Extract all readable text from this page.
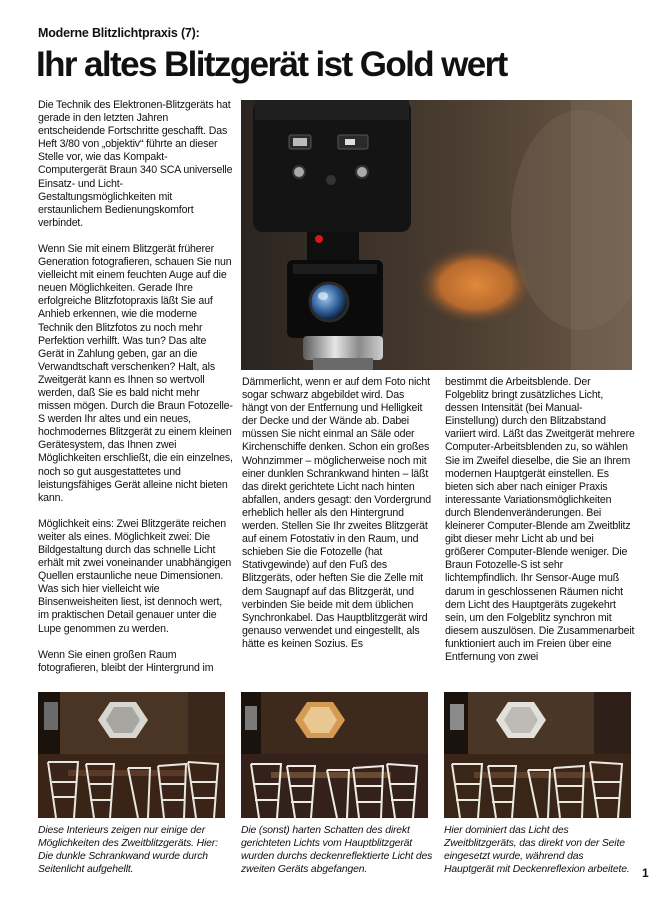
Moderne Blitzlichtpraxis (7):
Ihr altes Blitzgerät ist Gold wert

Die Technik des Elektronen-Blitzgeräts hat gerade in den letzten Jahren entscheidende Fortschritte geschafft. Das Heft 3/80 von „objektiv“ führte an dieser Stelle vor, wie das Kompakt-Computergerät Braun 340 SCA universelle Einsatz- und Licht-Gestaltungsmöglichkeiten mit erstaunlichem Bedienungskomfort verbindet.

Wenn Sie mit einem Blitzgerät früherer Generation fotografieren, schauen Sie nun vielleicht mit einem feuchten Auge auf die neuen Möglichkeiten. Gerade Ihre erfolgreiche Blitzfotopraxis läßt Sie auf Anhieb erkennen, wie die moderne Technik den Blitzfotos zu noch mehr Perfektion verhilft. Was tun? Das alte Gerät in Zahlung geben, gar an die Verwandtschaft verschenken? Halt, als Zweitgerät kann es Ihnen so wertvoll werden, daß Sie es bald nicht mehr missen mögen. Durch die Braun Fotozelle-S werden Ihr altes und ein neues, hochmodernes Blitzgerät zu einem kleinen Gerätesystem, das Ihnen zwei Möglichkeiten erschließt, die ein einzelnes, noch so gut ausgestattetes und leistungsfähiges Gerät alleine nicht bieten kann.

Möglichkeit eins: Zwei Blitzgeräte reichen weiter als eines. Möglichkeit zwei: Die Bildgestaltung durch das schnelle Licht erhält mit zwei voneinander unabhängigen Quellen erstaunliche neue Dimensionen. Was sich hier vielleicht wie Binsenweisheiten liest, ist dennoch wert, im praktischen Detail genauer unter die Lupe genommen zu werden.

Wenn Sie einen großen Raum fotografieren, bleibt der Hintergrund im

Dämmerlicht, wenn er auf dem Foto nicht sogar schwarz abgebildet wird. Das hängt von der Entfernung und Helligkeit der Decke und der Wände ab. Dabei müssen Sie nicht einmal an Säle oder Kirchenschiffe denken. Schon ein großes Wohnzimmer – möglicherweise noch mit einer dunklen Schrankwand hinten – läßt das direkt gerichtete Licht nach hinten abfallen, anders gesagt: den Vordergrund erheblich heller als den Hintergrund werden. Stellen Sie Ihr zweites Blitzgerät auf einem Fotostativ in den Raum, und schieben Sie die Fotozelle (hat Stativgewinde) auf den Fuß des Blitzgeräts, oder heften Sie die Zelle mit dem Saugnapf auf das Blitzgerät, und verbinden Sie beide mit dem üblichen Synchronkabel. Das Hauptblitzgerät wird genauso verwendet und eingestellt, als hätte es keinen Sozius. Es

bestimmt die Arbeitsblende. Der Folgeblitz bringt zusätzliches Licht, dessen Intensität (bei Manual-Einstellung) durch den Blitzabstand variiert wird. Läßt das Zweitgerät mehrere Computer-Arbeitsblenden zu, so wählen Sie im Zweifel dieselbe, die Sie an Ihrem modernen Hauptgerät einstellen. Es bieten sich aber nach einiger Praxis interessante Variationsmöglichkeiten durch Blendenveränderungen. Bei kleinerer Computer-Blende am Zweitblitz gibt dieser mehr Licht ab und bei größerer Computer-Blende weniger. Die Braun Fotozelle-S ist sehr lichtempfindlich. Ihr Sensor-Auge muß darum in geschlossenen Räumen nicht dem Licht des Hauptgeräts zugekehrt sein, um den Folgeblitz synchron mit diesem auszulösen. Die Zusammenarbeit funktioniert auch im Freien über eine Entfernung von zwei

Diese Interieurs zeigen nur einige der Möglichkeiten des Zweitblitzgeräts. Hier: Die dunkle Schrankwand wurde durch Seitenlicht aufgehellt.
Die (sonst) harten Schatten des direkt gerichteten Lichts vom Hauptblitzgerät wurden durchs deckenreflektierte Licht des zweiten Geräts abgefangen.
Hier dominiert das Licht des Zweitblitzgeräts, das direkt von der Seite eingesetzt wurde, während das Hauptgerät mit Deckenreflexion arbeitete.	1
